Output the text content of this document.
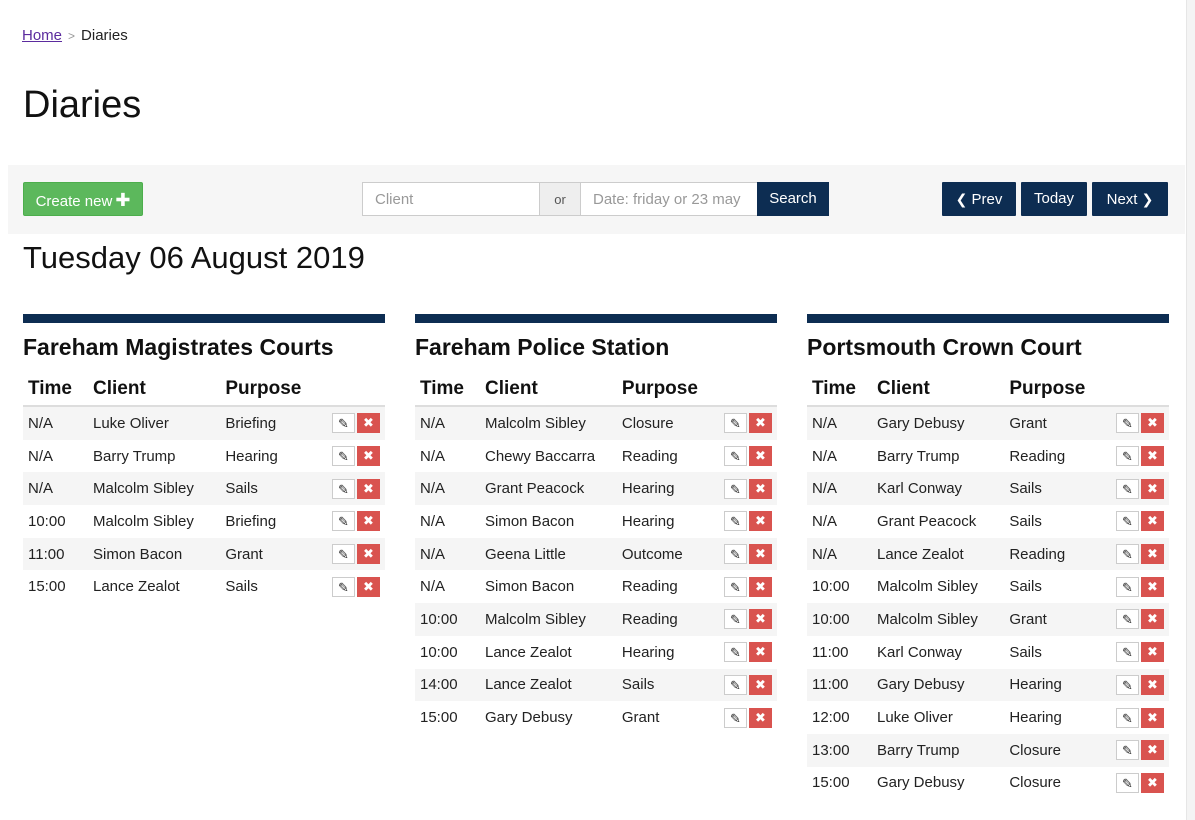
Home > Diaries
Diaries
Create new ✚
Client	or
Date: friday or 23 may	Search	❮ Prev	Today	Next ❯
Tuesday 06 August 2019
Fareham Magistrates Courts
Time	Client	Purpose	
N/A	Luke Oliver	Briefing	✎ ✖
N/A	Barry Trump	Hearing	✎ ✖
N/A	Malcolm Sibley	Sails	✎ ✖
10:00	Malcolm Sibley	Briefing	✎ ✖
11:00	Simon Bacon	Grant	✎ ✖
15:00	Lance Zealot	Sails	✎ ✖
Fareham Police Station
Time	Client	Purpose	
N/A	Malcolm Sibley	Closure	✎ ✖
N/A	Chewy Baccarra	Reading	✎ ✖
N/A	Grant Peacock	Hearing	✎ ✖
N/A	Simon Bacon	Hearing	✎ ✖
N/A	Geena Little	Outcome	✎ ✖
N/A	Simon Bacon	Reading	✎ ✖
10:00	Malcolm Sibley	Reading	✎ ✖
10:00	Lance Zealot	Hearing	✎ ✖
14:00	Lance Zealot	Sails	✎ ✖
15:00	Gary Debusy	Grant	✎ ✖
Portsmouth Crown Court
Time	Client	Purpose	
N/A	Gary Debusy	Grant	✎ ✖
N/A	Barry Trump	Reading	✎ ✖
N/A	Karl Conway	Sails	✎ ✖
N/A	Grant Peacock	Sails	✎ ✖
N/A	Lance Zealot	Reading	✎ ✖
10:00	Malcolm Sibley	Sails	✎ ✖
10:00	Malcolm Sibley	Grant	✎ ✖
11:00	Karl Conway	Sails	✎ ✖
11:00	Gary Debusy	Hearing	✎ ✖
12:00	Luke Oliver	Hearing	✎ ✖
13:00	Barry Trump	Closure	✎ ✖
15:00	Gary Debusy	Closure	✎ ✖
